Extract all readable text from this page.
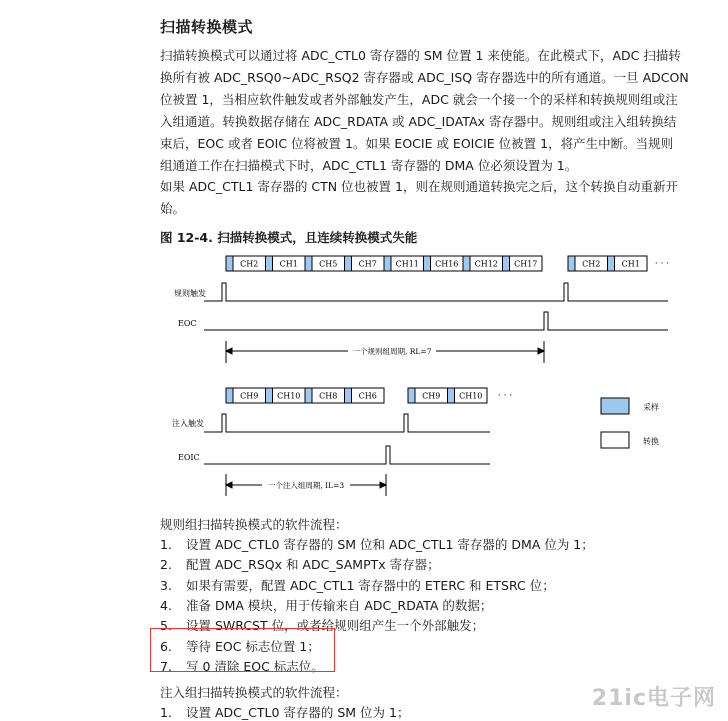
扫描转换模式
扫描转换模式可以通过将 ADC_CTL0 寄存器的 SM 位置 1 来使能。在此模式下，ADC 扫描转
换所有被 ADC_RSQ0~ADC_RSQ2 寄存器或 ADC_ISQ 寄存器选中的所有通道。一旦 ADCON
位被置 1，当相应软件触发或者外部触发产生，ADC 就会一个接一个的采样和转换规则组或注
入组通道。转换数据存储在 ADC_RDATA 或 ADC_IDATAx 寄存器中。规则组或注入组转换结
束后，EOC 或者 EOIC 位将被置 1。如果 EOCIE 或 EOICIE 位被置 1，将产生中断。当规则
组通道工作在扫描模式下时，ADC_CTL1 寄存器的 DMA 位必须设置为 1。
如果 ADC_CTL1 寄存器的 CTN 位也被置 1，则在规则通道转换完之后，这个转换自动重新开
始。
图 12-4. 扫描转换模式，且连续转换模式失能
CH2	CH1	CH5	CH7 CH11 CH16 CH12 CH17	CH2	CH1 · · ·
规则触发
EOC
一个规则组周期, RL=7
CH9 CH10 CH8	CH6	CH9 CH10 · · ·
注入触发
EOIC
一个注入组周期, IL=3
采样
转换
规则组扫描转换模式的软件流程：
1. 设置 ADC_CTL0 寄存器的 SM 位和 ADC_CTL1 寄存器的 DMA 位为 1；
2. 配置 ADC_RSQx 和 ADC_SAMPTx 寄存器；
3. 如果有需要，配置 ADC_CTL1 寄存器中的 ETERC 和 ETSRC 位；
4. 准备 DMA 模块，用于传输来自 ADC_RDATA 的数据；
5. 设置 SWRCST 位，或者给规则组产生一个外部触发；
6. 等待 EOC 标志位置 1；
7. 写 0 清除 EOC 标志位。
注入组扫描转换模式的软件流程：
1. 设置 ADC_CTL0 寄存器的 SM 位为 1；
21ic电子网
